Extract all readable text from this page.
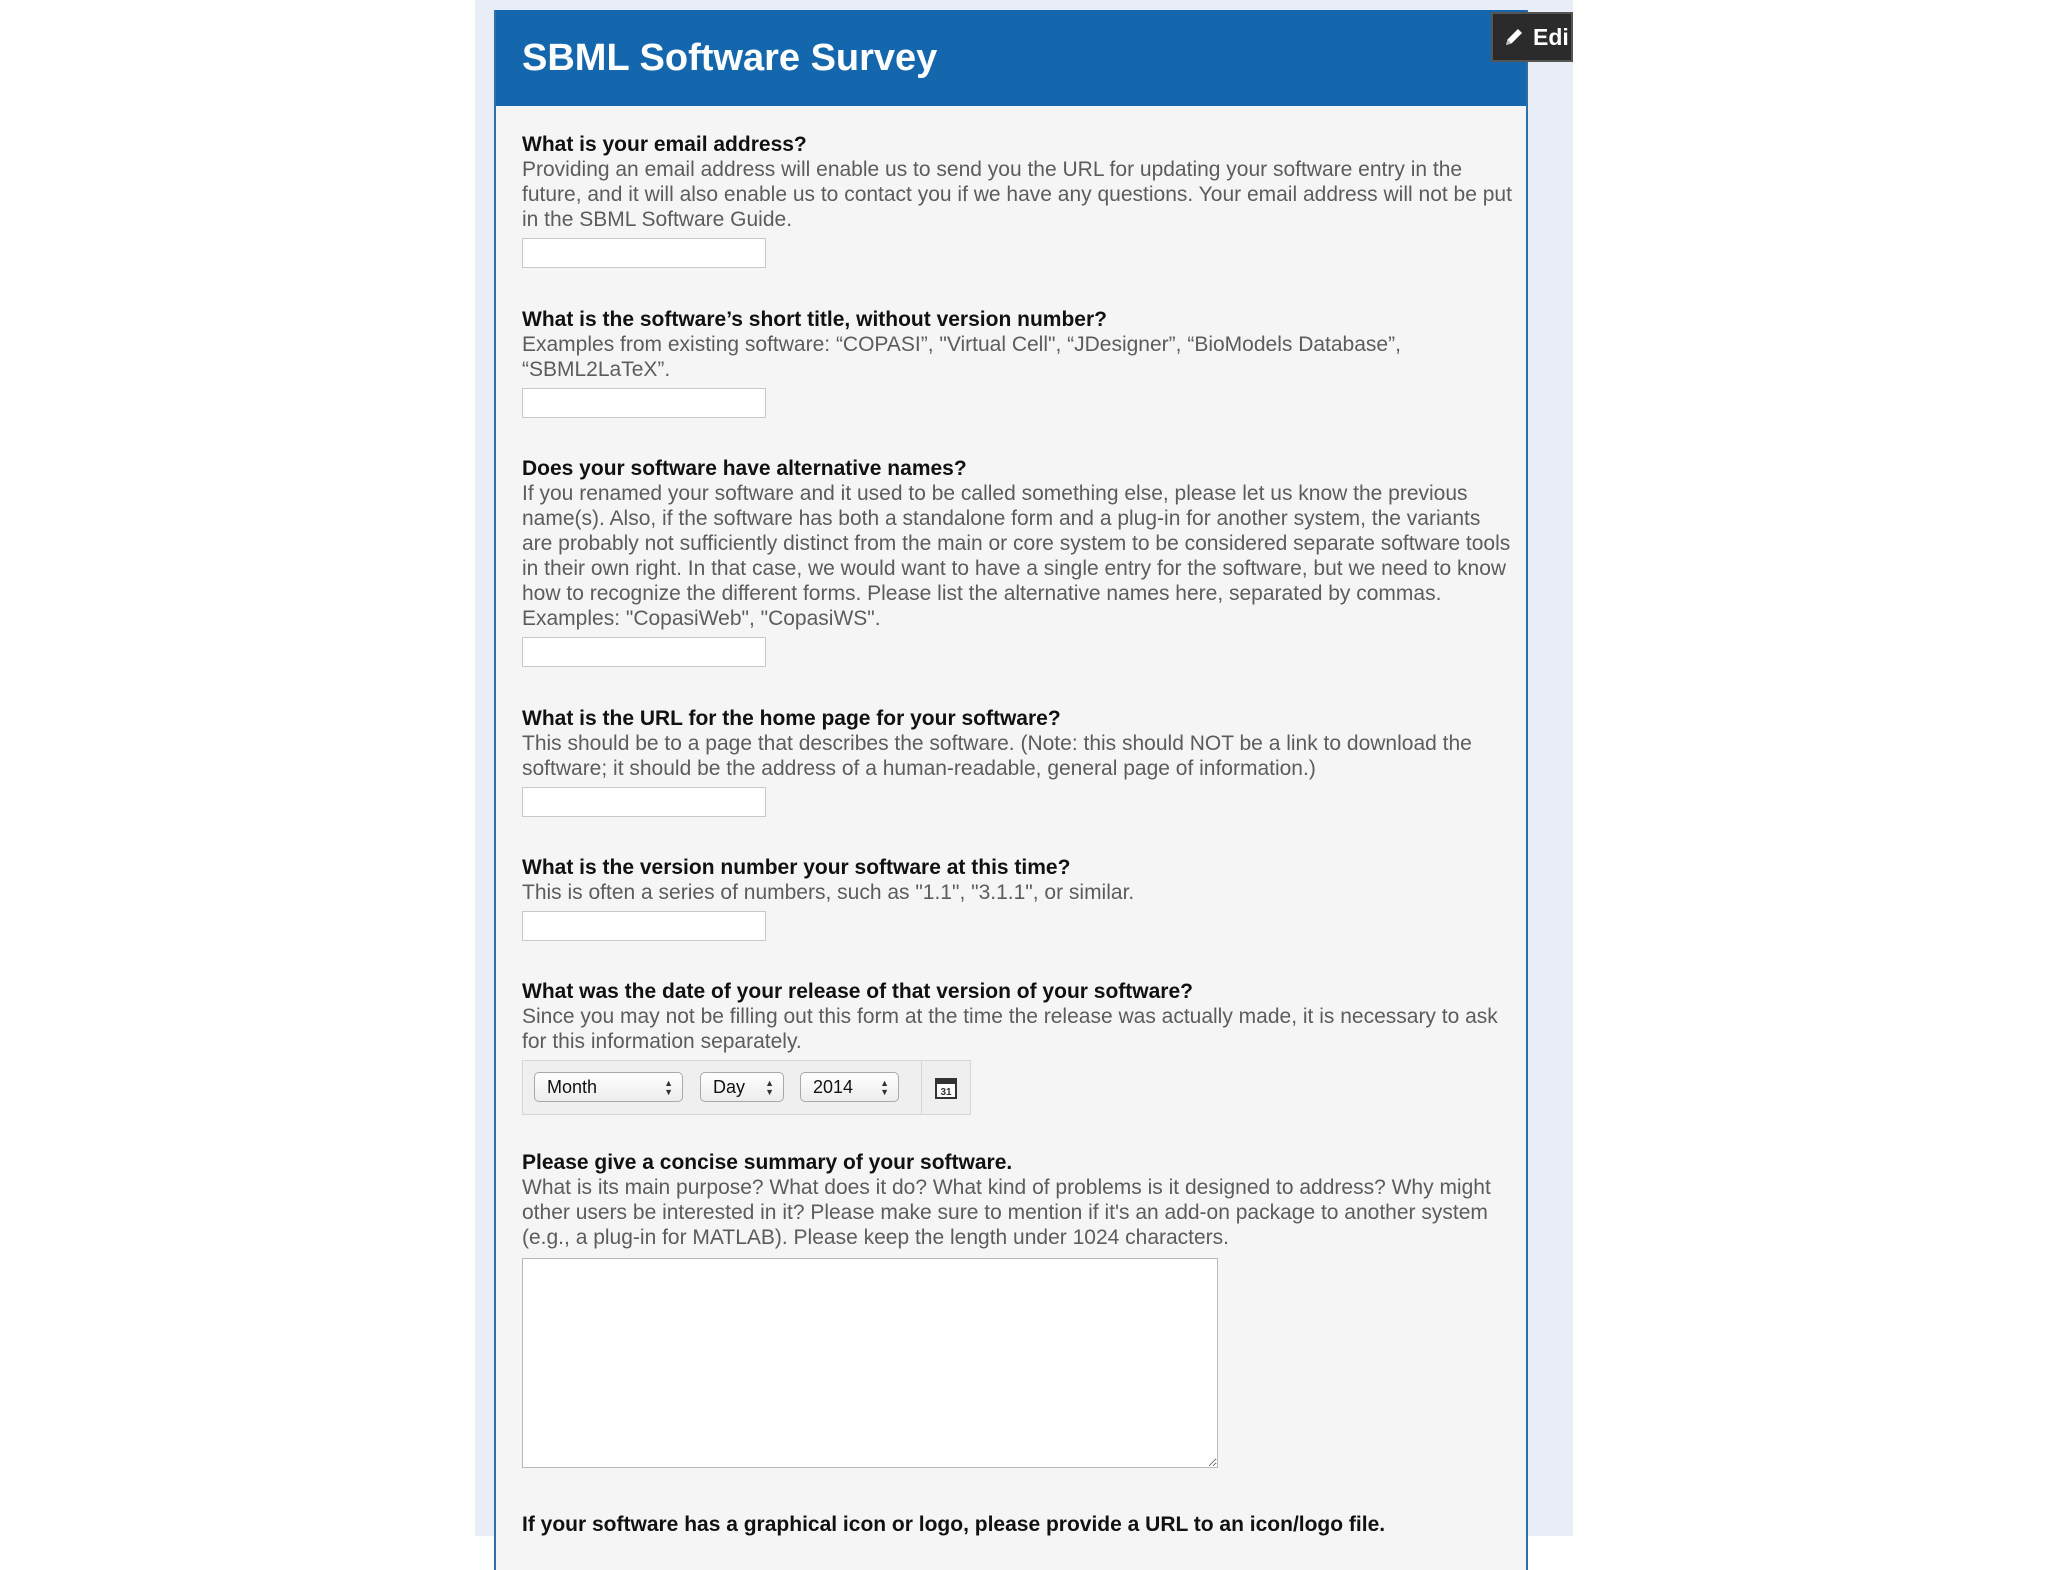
SBML Software Survey

What is your email address?

Providing an email address will enable us to send you the URL for updating your software entry in the future, and it will also enable us to contact you if we have any questions. Your email address will not be put in the SBML Software Guide.

What is the software’s short title, without version number?

Examples from existing software: “COPASI”, "Virtual Cell", “JDesigner”, “BioModels Database”, “SBML2LaTeX”.

Does your software have alternative names?

If you renamed your software and it used to be called something else, please let us know the previous name(s). Also, if the software has both a standalone form and a plug-in for another system, the variants are probably not sufficiently distinct from the main or core system to be considered separate software tools in their own right. In that case, we would want to have a single entry for the software, but we need to know how to recognize the different forms. Please list the alternative names here, separated by commas. Examples: "CopasiWeb", "CopasiWS".

What is the URL for the home page for your software?

This should be to a page that describes the software. (Note: this should NOT be a link to download the software; it should be the address of a human-readable, general page of information.)

What is the version number your software at this time?

This is often a series of numbers, such as "1.1", "3.1.1", or similar.

What was the date of your release of that version of your software?

Since you may not be filling out this form at the time the release was actually made, it is necessary to ask for this information separately.

Month	▲
▼	Day ▲
▼	2014	▲
▼	31

Please give a concise summary of your software.

What is its main purpose? What does it do? What kind of problems is it designed to address? Why might other users be interested in it? Please make sure to mention if it's an add-on package to another system (e.g., a plug-in for MATLAB). Please keep the length under 1024 characters.

If your software has a graphical icon or logo, please provide a URL to an icon/logo file.

Edi
